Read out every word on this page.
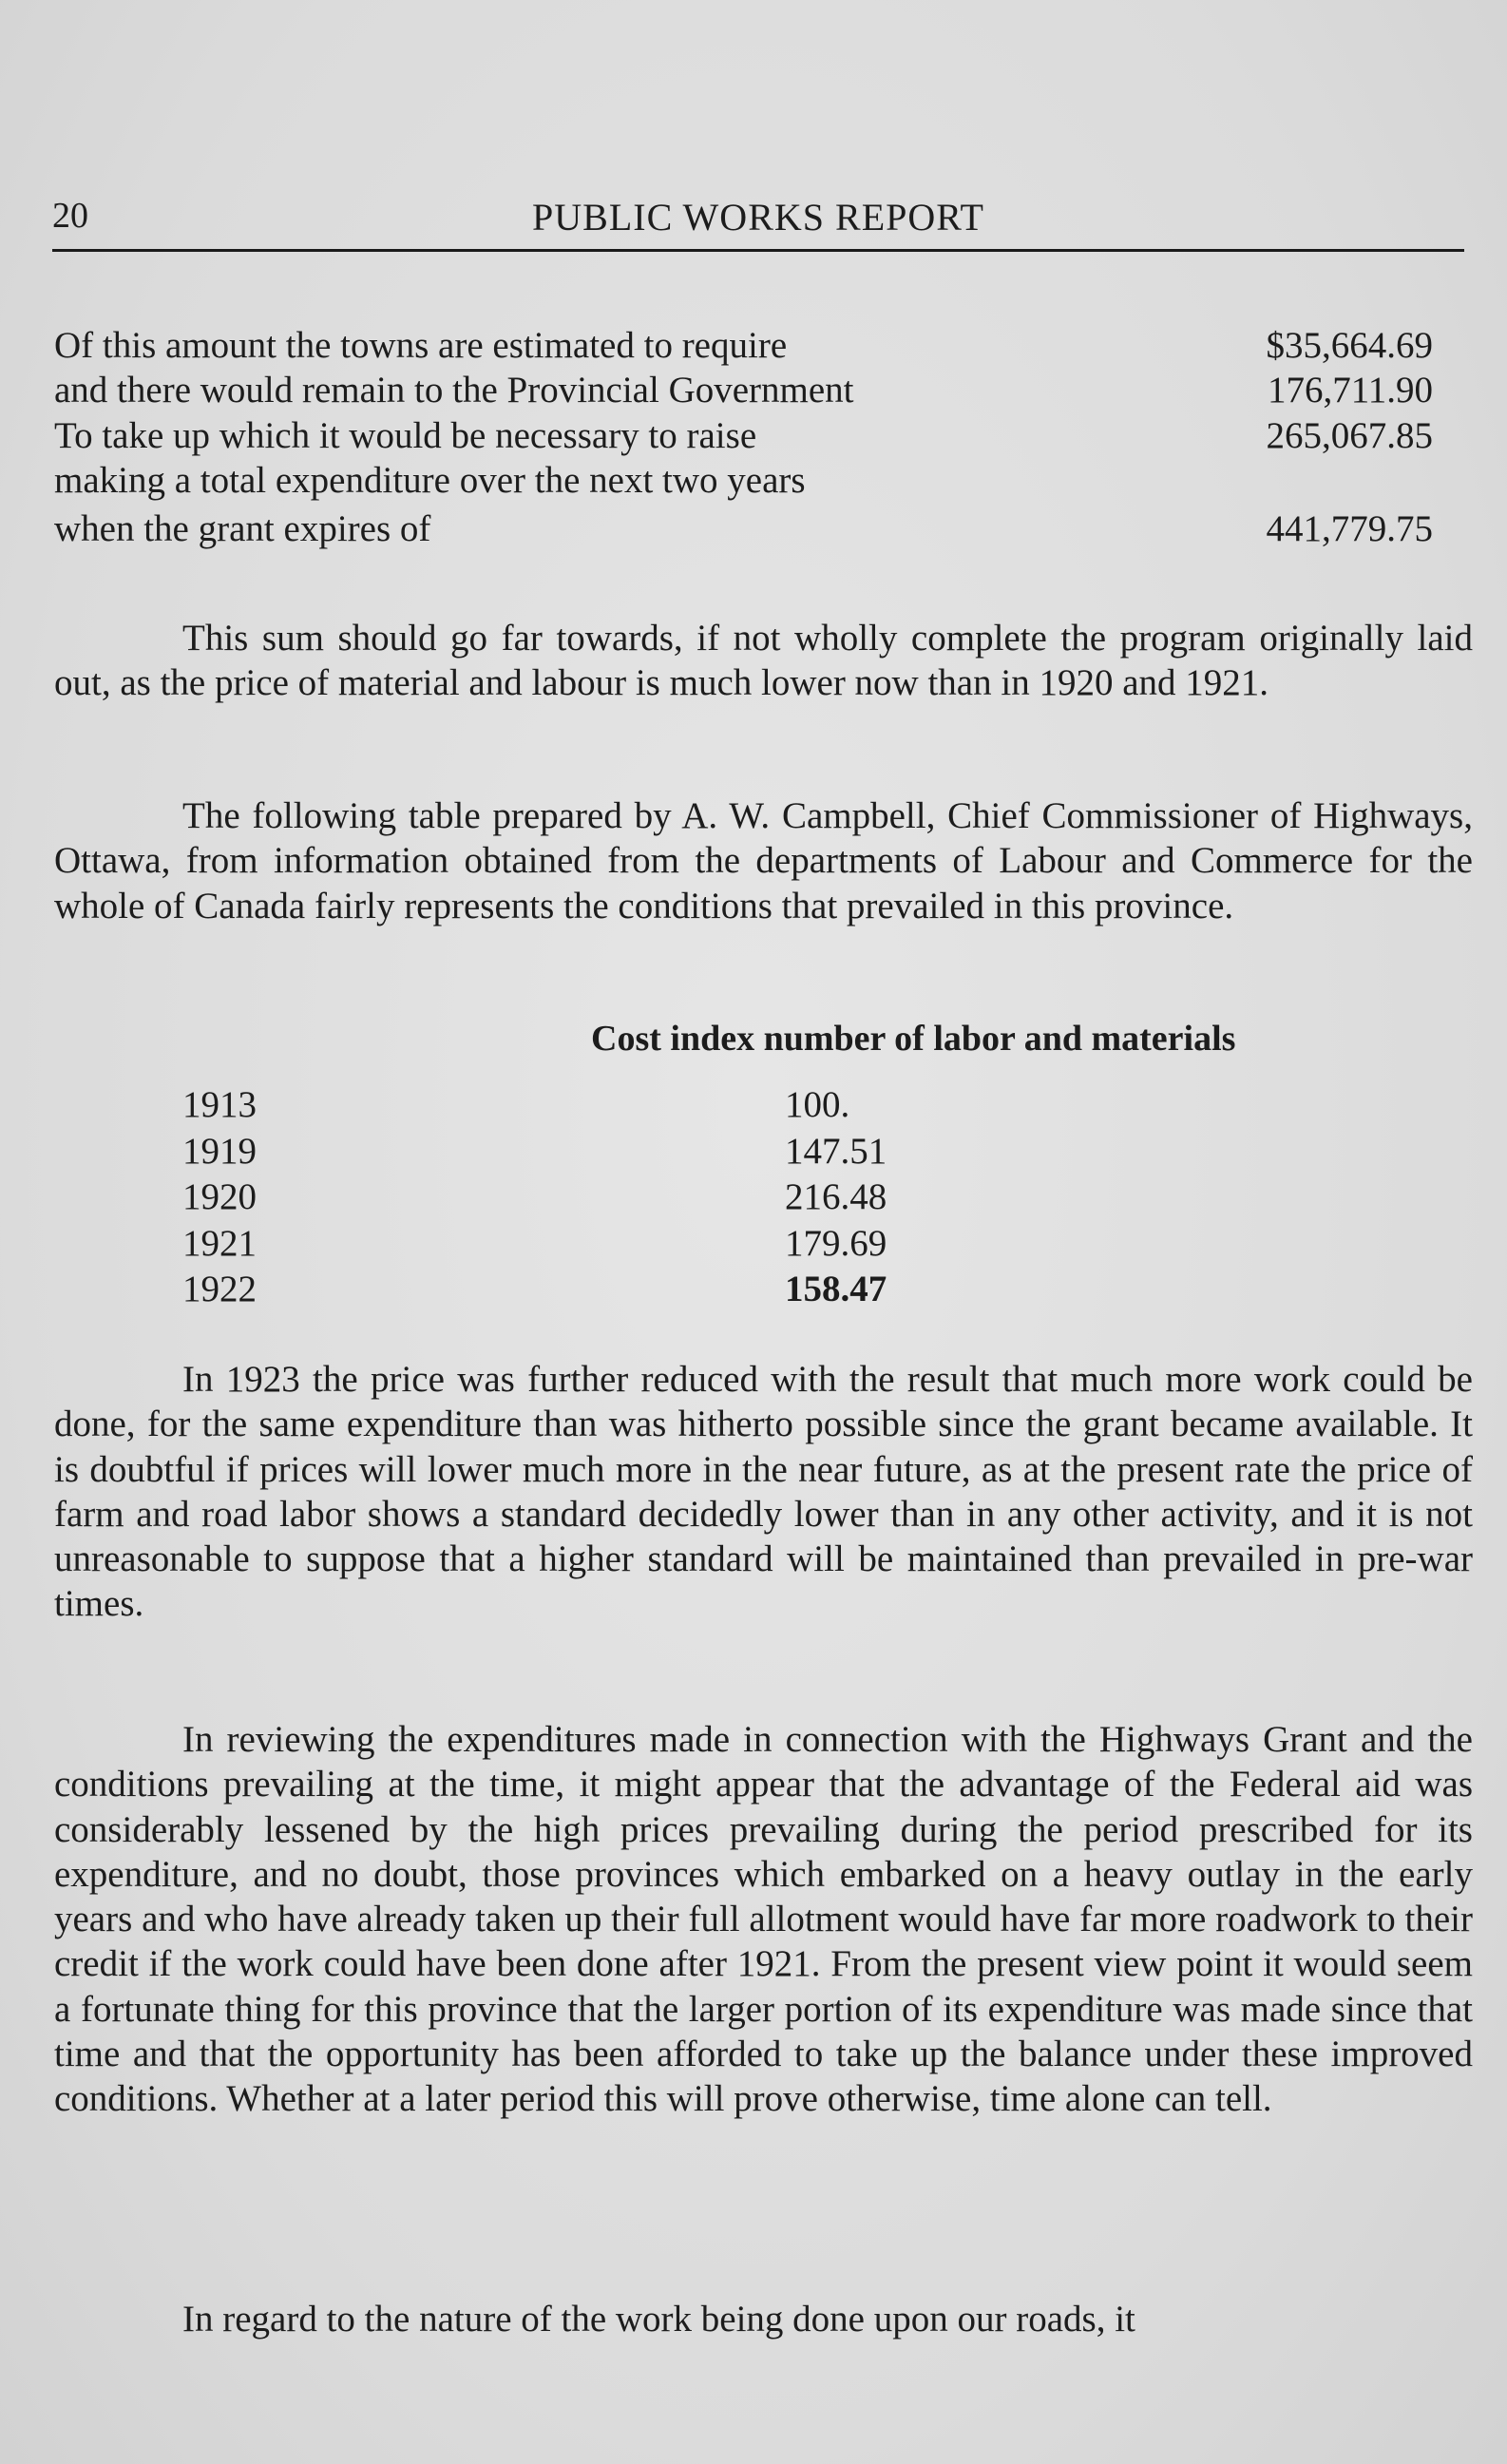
20	PUBLIC WORKS REPORT
Of this amount the towns are estimated to require	$35,664.69
and there would remain to the Provincial Government	176,711.90
To take up which it would be necessary to raise	265,067.85
making a total expenditure over the next two years
when the grant expires of	441,779.75

This sum should go far towards, if not wholly complete the program originally laid out, as the price of material and labour is much lower now than in 1920 and 1921.

The following table prepared by A. W. Campbell, Chief Commissioner of Highways, Ottawa, from information obtained from the departments of Labour and Commerce for the whole of Canada fairly represents the conditions that prevailed in this province.

Cost index number of labor and materials
1913	100.
1919	147.51
1920	216.48
1921	179.69
1922	158.47

In 1923 the price was further reduced with the result that much more work could be done, for the same expenditure than was hitherto possible since the grant became available. It is doubtful if prices will lower much more in the near future, as at the present rate the price of farm and road labor shows a standard decidedly lower than in any other activity, and it is not unreasonable to suppose that a higher standard will be maintained than prevailed in pre-war times.

In reviewing the expenditures made in connection with the Highways Grant and the conditions prevailing at the time, it might appear that the advantage of the Federal aid was considerably lessened by the high prices prevailing during the period prescribed for its expenditure, and no doubt, those provinces which embarked on a heavy outlay in the early years and who have already taken up their full allotment would have far more roadwork to their credit if the work could have been done after 1921. From the present view point it would seem a fortunate thing for this province that the larger portion of its expenditure was made since that time and that the opportunity has been afforded to take up the balance under these improved conditions. Whether at a later period this will prove otherwise, time alone can tell.

In regard to the nature of the work being done upon our roads, it
